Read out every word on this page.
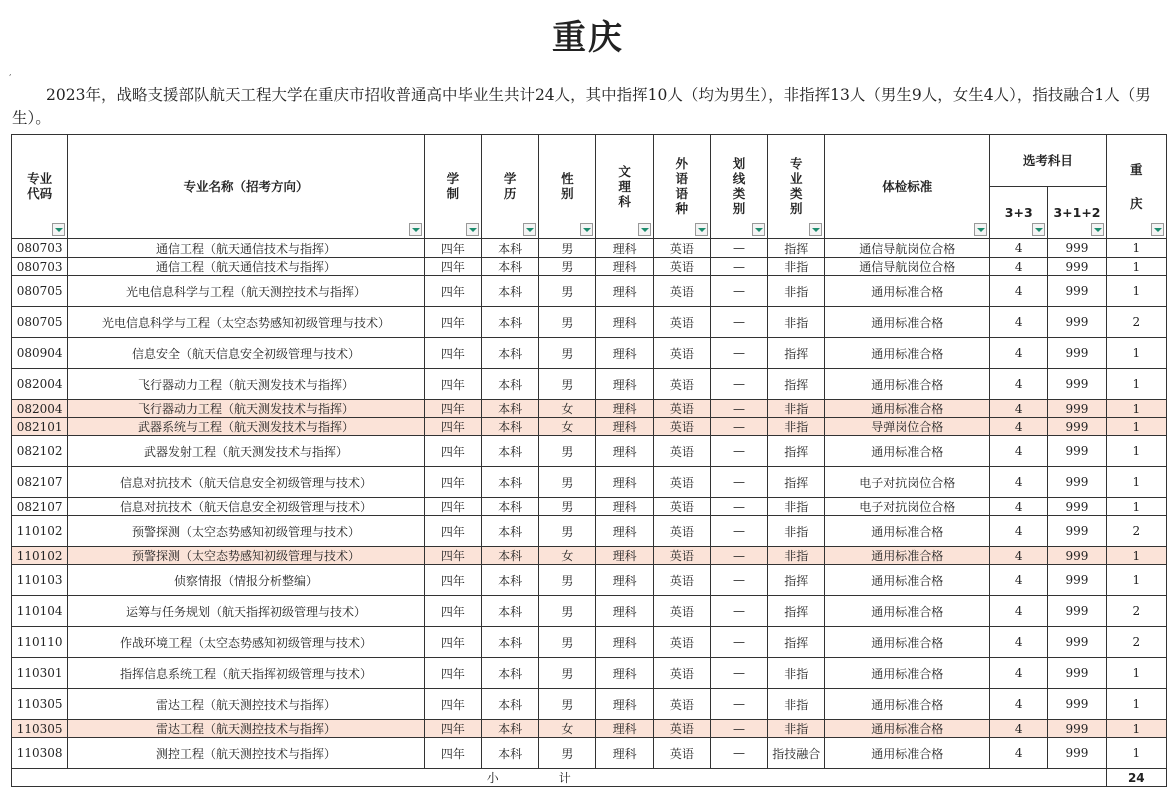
重庆
,
2023年，战略支援部队航天工程大学在重庆市招收普通高中毕业生共计24人，其中指挥10人（均为男生），非指挥13人（男生9人，女生4人），指技融合1人（男生）。
专业代码	专业名称（招考方向）	学制	学历	性别	文理科	外语语种	划线类别	专业类别	体检标准	选考科目		重庆

										3+3	3+1+2	

080703	通信工程（航天通信技术与指挥）	四年	本科	男	理科	英语	—	指挥	通信导航岗位合格	4	999	1
080703	通信工程（航天通信技术与指挥）	四年	本科	男	理科	英语	—	非指	通信导航岗位合格	4	999	1
080705	光电信息科学与工程（航天测控技术与指挥）	四年	本科	男	理科	英语	—	非指	通用标准合格	4	999	1
080705	光电信息科学与工程（太空态势感知初级管理与技术）	四年	本科	男	理科	英语	—	非指	通用标准合格	4	999	2
080904	信息安全（航天信息安全初级管理与技术）	四年	本科	男	理科	英语	—	指挥	通用标准合格	4	999	1
082004	飞行器动力工程（航天测发技术与指挥）	四年	本科	男	理科	英语	—	指挥	通用标准合格	4	999	1
082004	飞行器动力工程（航天测发技术与指挥）	四年	本科	女	理科	英语	—	非指	通用标准合格	4	999	1
082101	武器系统与工程（航天测发技术与指挥）	四年	本科	女	理科	英语	—	非指	导弹岗位合格	4	999	1
082102	武器发射工程（航天测发技术与指挥）	四年	本科	男	理科	英语	—	指挥	通用标准合格	4	999	1
082107	信息对抗技术（航天信息安全初级管理与技术）	四年	本科	男	理科	英语	—	指挥	电子对抗岗位合格	4	999	1
082107	信息对抗技术（航天信息安全初级管理与技术）	四年	本科	男	理科	英语	—	非指	电子对抗岗位合格	4	999	1
110102	预警探测（太空态势感知初级管理与技术）	四年	本科	男	理科	英语	—	非指	通用标准合格	4	999	2
110102	预警探测（太空态势感知初级管理与技术）	四年	本科	女	理科	英语	—	非指	通用标准合格	4	999	1
110103	侦察情报（情报分析整编）	四年	本科	男	理科	英语	—	指挥	通用标准合格	4	999	1
110104	运筹与任务规划（航天指挥初级管理与技术）	四年	本科	男	理科	英语	—	指挥	通用标准合格	4	999	2
110110	作战环境工程（太空态势感知初级管理与技术）	四年	本科	男	理科	英语	—	指挥	通用标准合格	4	999	2
110301	指挥信息系统工程（航天指挥初级管理与技术）	四年	本科	男	理科	英语	—	非指	通用标准合格	4	999	1
110305	雷达工程（航天测控技术与指挥）	四年	本科	男	理科	英语	—	非指	通用标准合格	4	999	1
110305	雷达工程（航天测控技术与指挥）	四年	本科	女	理科	英语	—	非指	通用标准合格	4	999	1
110308	测控工程（航天测控技术与指挥）	四年	本科	男	理科	英语	—	指技融合	通用标准合格	4	999	1
小计												24
